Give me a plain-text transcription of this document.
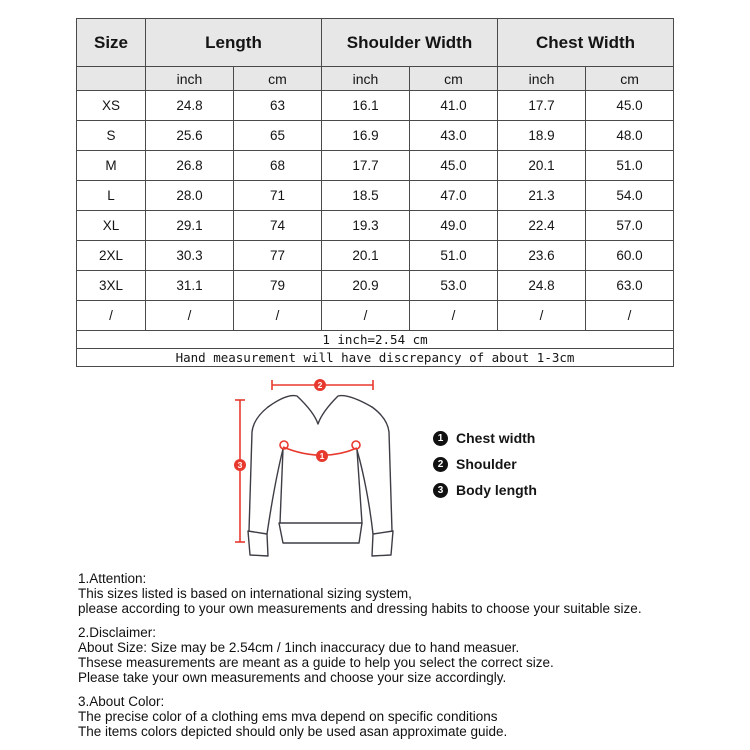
Size	Length		Shoulder Width		Chest Width	
	inch	cm	inch	cm	inch	cm
XS	24.8	63	16.1	41.0	17.7	45.0
S	25.6	65	16.9	43.0	18.9	48.0
M	26.8	68	17.7	45.0	20.1	51.0
L	28.0	71	18.5	47.0	21.3	54.0
XL	29.1	74	19.3	49.0	22.4	57.0
2XL	30.3	77	20.1	51.0	23.6	60.0
3XL	31.1	79	20.9	53.0	24.8	63.0
/	/	/	/	/	/	/
1 inch=2.54 cm						
Hand measurement will have discrepancy of about 1-3cm						
2
3
1
1 Chest width
2 Shoulder
3 Body length
1.Attention:
This sizes listed is based on international sizing system,
please according to your own measurements and dressing habits to choose your suitable size.
2.Disclaimer:
About Size: Size may be 2.54cm / 1inch inaccuracy due to hand measuer.
Thsese measurements are meant as a guide to help you select the correct size.
Please take your own measurements and choose your size accordingly.
3.About Color:
The precise color of a clothing ems mva depend on specific conditions
The items colors depicted should only be used asan approximate guide.
